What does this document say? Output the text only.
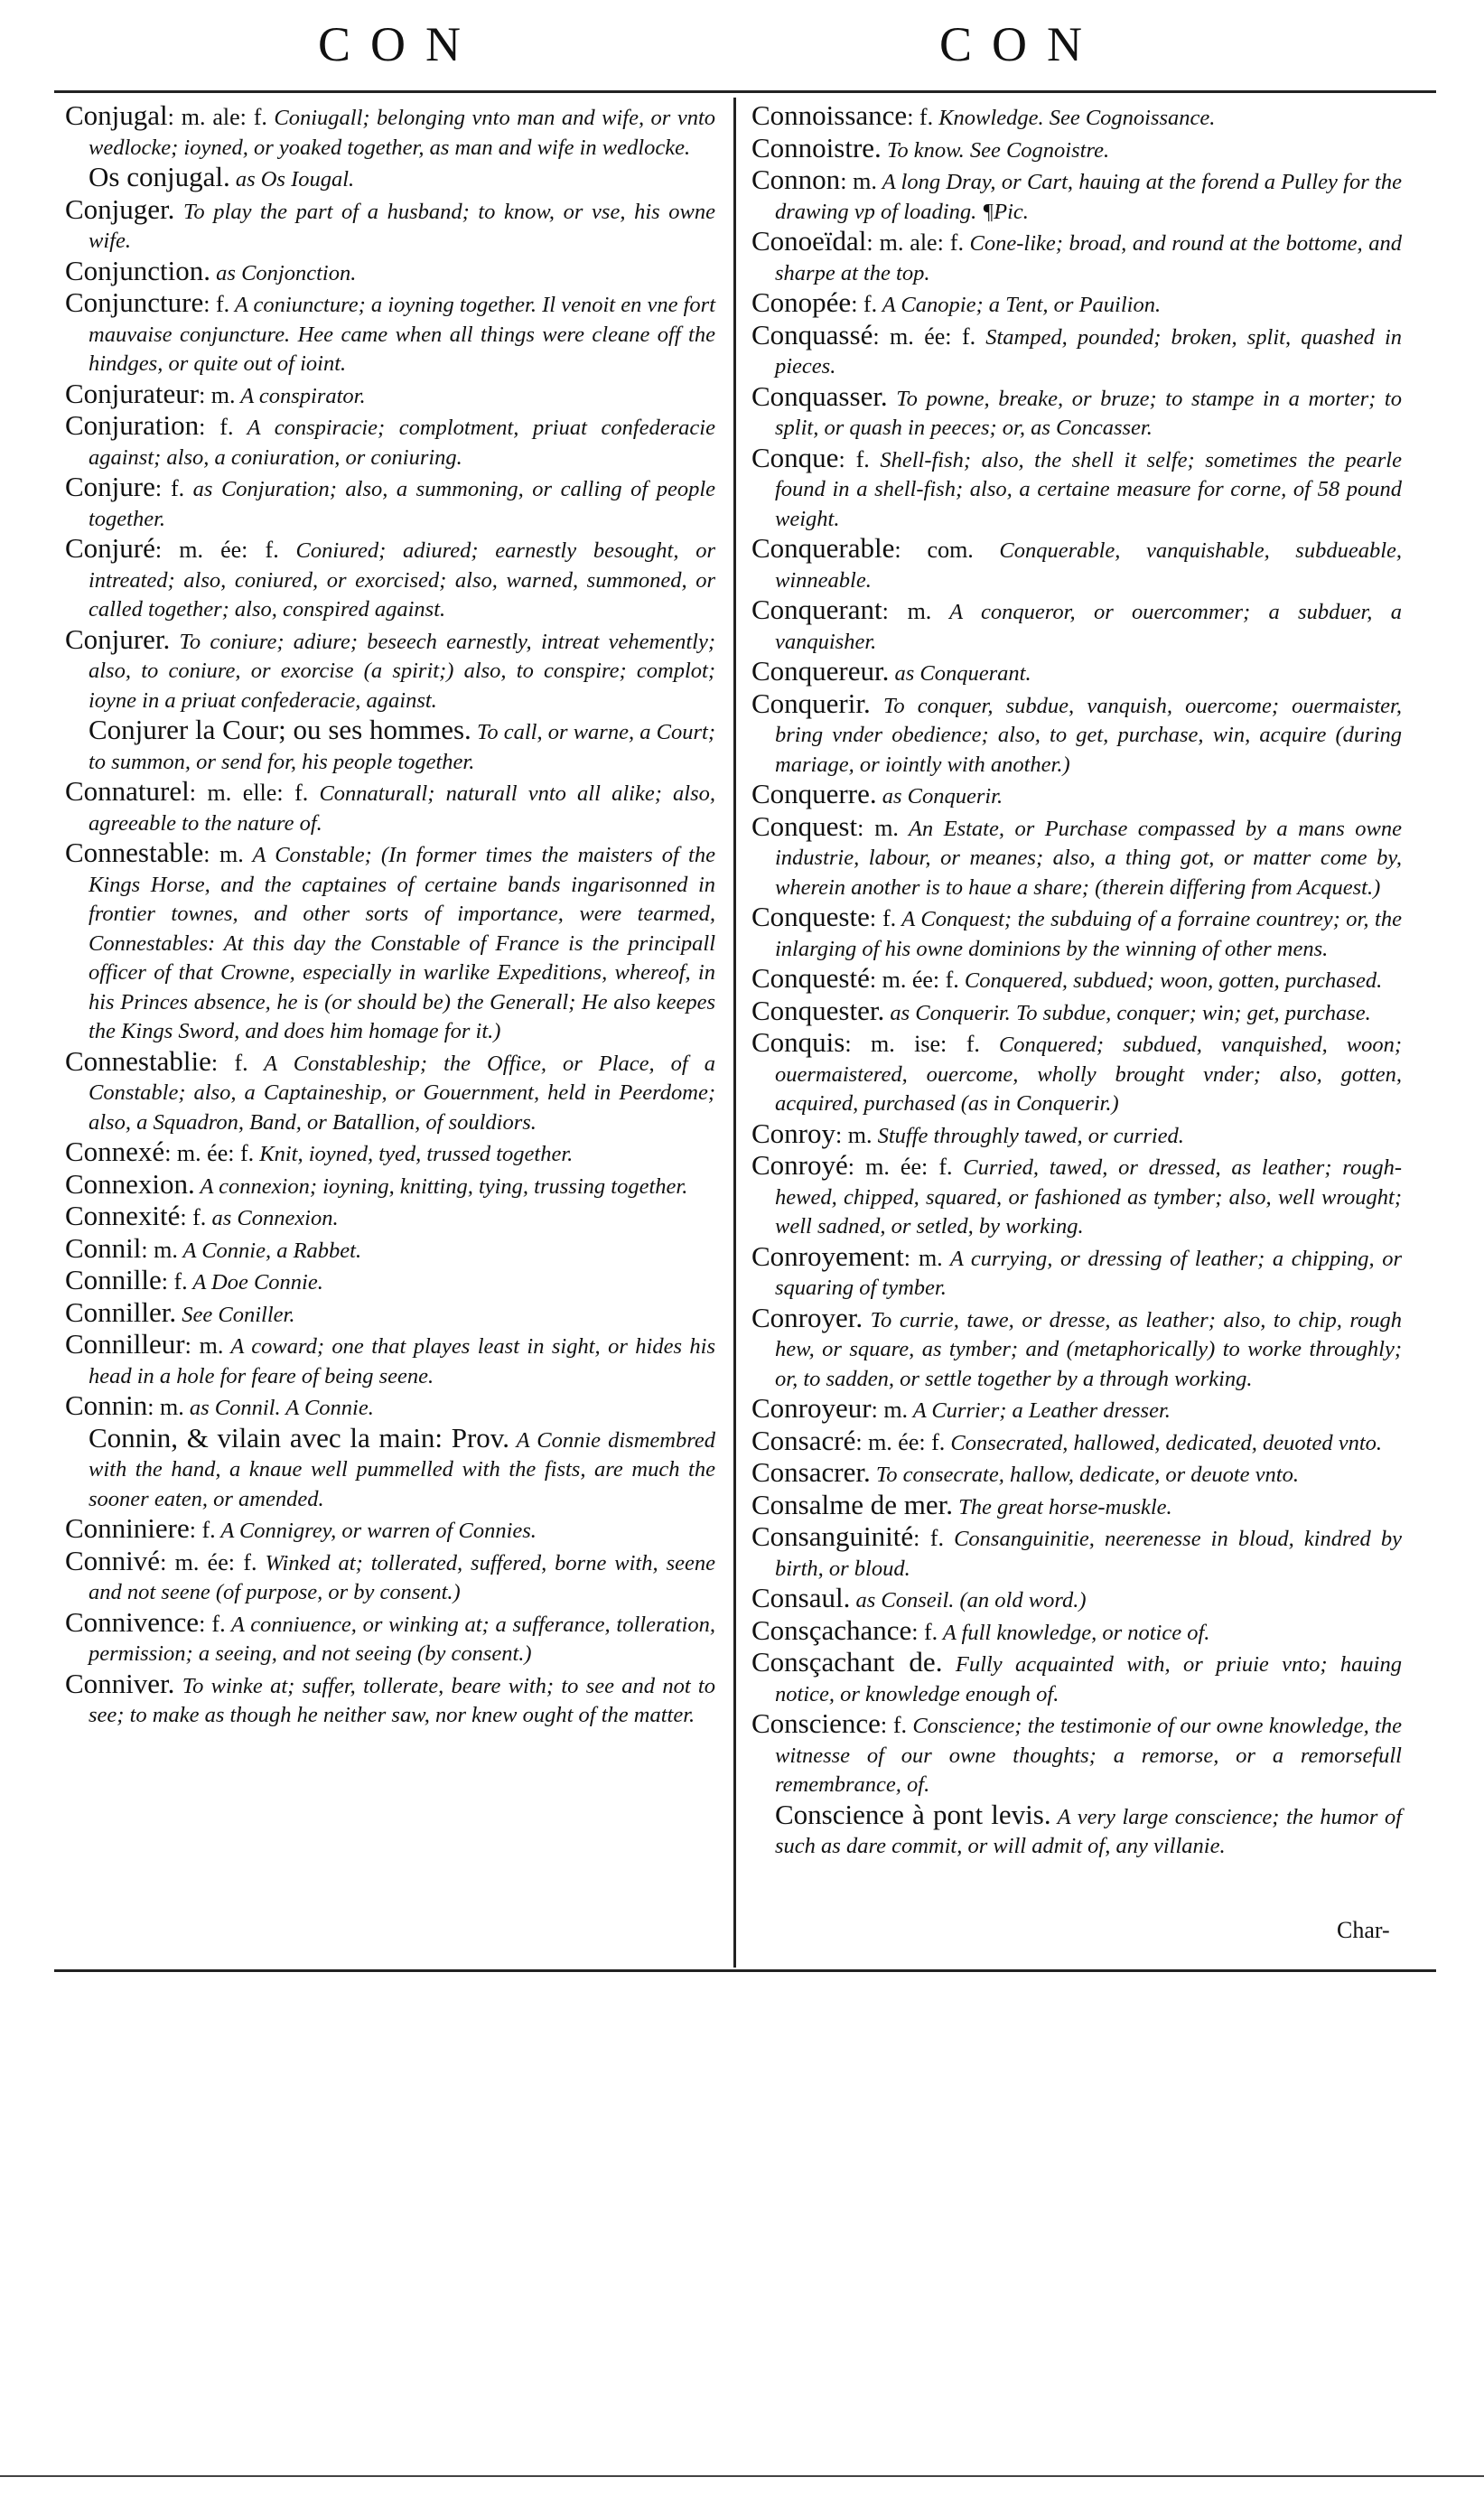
CON	CON

Conjugal: m. ale: f. Coniugall; belonging vnto man and wife, or vnto wedlocke; ioyned, or yoaked together, as man and wife in wedlocke.

Os conjugal. as Os Iougal.

Conjuger. To play the part of a husband; to know, or vse, his owne wife.

Conjunction. as Conjonction.

Conjuncture: f. A coniuncture; a ioyning together. Il venoit en vne fort mauvaise conjuncture. Hee came when all things were cleane off the hindges, or quite out of ioint.

Conjurateur: m. A conspirator.

Conjuration: f. A conspiracie; complotment, priuat confederacie against; also, a coniuration, or coniuring.

Conjure: f. as Conjuration; also, a summoning, or calling of people together.

Conjuré: m. ée: f. Coniured; adiured; earnestly besought, or intreated; also, coniured, or exorcised; also, warned, summoned, or called together; also, conspired against.

Conjurer. To coniure; adiure; beseech earnestly, intreat vehemently; also, to coniure, or exorcise (a spirit;) also, to conspire; complot; ioyne in a priuat confederacie, against.

Conjurer la Cour; ou ses hommes. To call, or warne, a Court; to summon, or send for, his people together.

Connaturel: m. elle: f. Connaturall; naturall vnto all alike; also, agreeable to the nature of.

Connestable: m. A Constable; (In former times the maisters of the Kings Horse, and the captaines of certaine bands ingarisonned in frontier townes, and other sorts of importance, were tearmed, Connestables: At this day the Constable of France is the principall officer of that Crowne, especially in warlike Expeditions, whereof, in his Princes absence, he is (or should be) the Generall; He also keepes the Kings Sword, and does him homage for it.)

Connestablie: f. A Constableship; the Office, or Place, of a Constable; also, a Captaineship, or Gouernment, held in Peerdome; also, a Squadron, Band, or Batallion, of souldiors.

Connexé: m. ée: f. Knit, ioyned, tyed, trussed together.

Connexion. A connexion; ioyning, knitting, tying, trussing together.

Connexité: f. as Connexion.

Connil: m. A Connie, a Rabbet.

Connille: f. A Doe Connie.

Conniller. See Coniller.

Connilleur: m. A coward; one that playes least in sight, or hides his head in a hole for feare of being seene.

Connin: m. as Connil. A Connie.

Connin, & vilain avec la main: Prov. A Connie dismembred with the hand, a knaue well pummelled with the fists, are much the sooner eaten, or amended.

Conniniere: f. A Connigrey, or warren of Connies.

Connivé: m. ée: f. Winked at; tollerated, suffered, borne with, seene and not seene (of purpose, or by consent.)

Connivence: f. A conniuence, or winking at; a sufferance, tolleration, permission; a seeing, and not seeing (by consent.)

Conniver. To winke at; suffer, tollerate, beare with; to see and not to see; to make as though he neither saw, nor knew ought of the matter.

Connoissance: f. Knowledge. See Cognoissance.

Connoistre. To know. See Cognoistre.

Connon: m. A long Dray, or Cart, hauing at the forend a Pulley for the drawing vp of loading. ¶Pic.

Conoeïdal: m. ale: f. Cone-like; broad, and round at the bottome, and sharpe at the top.

Conopée: f. A Canopie; a Tent, or Pauilion.

Conquassé: m. ée: f. Stamped, pounded; broken, split, quashed in pieces.

Conquasser. To powne, breake, or bruze; to stampe in a morter; to split, or quash in peeces; or, as Concasser.

Conque: f. Shell-fish; also, the shell it selfe; sometimes the pearle found in a shell-fish; also, a certaine measure for corne, of 58 pound weight.

Conquerable: com. Conquerable, vanquishable, subdueable, winneable.

Conquerant: m. A conqueror, or ouercommer; a subduer, a vanquisher.

Conquereur. as Conquerant.

Conquerir. To conquer, subdue, vanquish, ouercome; ouermaister, bring vnder obedience; also, to get, purchase, win, acquire (during mariage, or iointly with another.)

Conquerre. as Conquerir.

Conquest: m. An Estate, or Purchase compassed by a mans owne industrie, labour, or meanes; also, a thing got, or matter come by, wherein another is to haue a share; (therein differing from Acquest.)

Conqueste: f. A Conquest; the subduing of a forraine countrey; or, the inlarging of his owne dominions by the winning of other mens.

Conquesté: m. ée: f. Conquered, subdued; woon, gotten, purchased.

Conquester. as Conquerir. To subdue, conquer; win; get, purchase.

Conquis: m. ise: f. Conquered; subdued, vanquished, woon; ouermaistered, ouercome, wholly brought vnder; also, gotten, acquired, purchased (as in Conquerir.)

Conroy: m. Stuffe throughly tawed, or curried.

Conroyé: m. ée: f. Curried, tawed, or dressed, as leather; rough-hewed, chipped, squared, or fashioned as tymber; also, well wrought; well sadned, or setled, by working.

Conroyement: m. A currying, or dressing of leather; a chipping, or squaring of tymber.

Conroyer. To currie, tawe, or dresse, as leather; also, to chip, rough hew, or square, as tymber; and (metaphorically) to worke throughly; or, to sadden, or settle together by a through working.

Conroyeur: m. A Currier; a Leather dresser.

Consacré: m. ée: f. Consecrated, hallowed, dedicated, deuoted vnto.

Consacrer. To consecrate, hallow, dedicate, or deuote vnto.

Consalme de mer. The great horse-muskle.

Consanguinité: f. Consanguinitie, neerenesse in bloud, kindred by birth, or bloud.

Consaul. as Conseil. (an old word.)

Consçachance: f. A full knowledge, or notice of.

Consçachant de. Fully acquainted with, or priuie vnto; hauing notice, or knowledge enough of.

Conscience: f. Conscience; the testimonie of our owne knowledge, the witnesse of our owne thoughts; a remorse, or a remorsefull remembrance, of.

Conscience à pont levis. A very large conscience; the humor of such as dare commit, or will admit of, any villanie.

Char-
